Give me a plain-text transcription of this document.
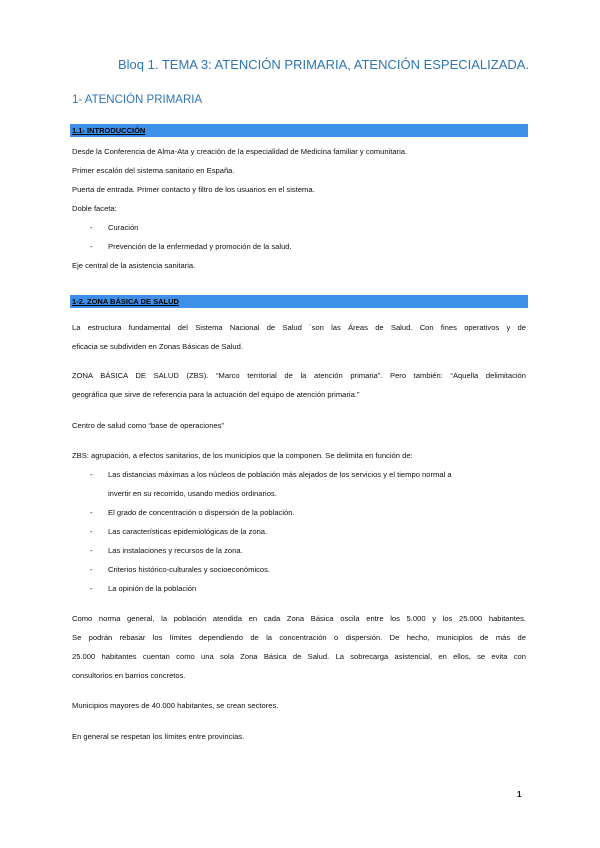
Bloq 1. TEMA 3: ATENCIÓN PRIMARIA, ATENCIÓN ESPECIALIZADA.
1- ATENCIÓN PRIMARIA
1.1- INTRODUCCIÓN
Desde la Conferencia de Alma-Ata y creación de la especialidad de Medicina familiar y comunitaria.
Primer escalón del sistema sanitario en España.
Puerta de entrada. Primer contacto y filtro de los usuarios en el sistema.
Doble faceta:
- Curación
- Prevención de la enfermedad y promoción de la salud.
Eje central de la asistencia sanitaria.
1-2. ZONA BÁSICA DE SALUD
La estructura fundamental del Sistema Nacional de Salud ´son las Áreas de Salud. Con fines operativos y de
eficacia se subdividen en Zonas Básicas de Salud.
ZONA BÁSICA DE SALUD (ZBS). “Marco territorial de la atención primaria”. Pero también: “Aquella delimitación
geográfica que sirve de referencia para la actuación del equipo de atención primaria.”
Centro de salud como “base de operaciones”
ZBS: agrupación, a efectos sanitarios, de los municipios que la componen. Se delimita en función de:
- Las distancias máximas a los núcleos de población más alejados de los servicios y el tiempo normal a
invertir en su recorrido, usando medios ordinarios.
- El grado de concentración o dispersión de la población.
- Las características epidemiológicas de la zona.
- Las instalaciones y recursos de la zona.
- Criterios histórico-culturales y socioeconómicos.
- La opinión de la población
Como norma general, la población atendida en cada Zona Básica oscila entre los 5.000 y los 25.000 habitantes.
Se podrán rebasar los límites dependiendo de la concentración o dispersión. De hecho, municipios de más de
25.000 habitantes cuentan como una sola Zona Básica de Salud. La sobrecarga asistencial, en ellos, se evita con
consultorios en barrios concretos.
Municipios mayores de 40.000 habitantes, se crean sectores.
En general se respetan los límites entre provincias.
1
